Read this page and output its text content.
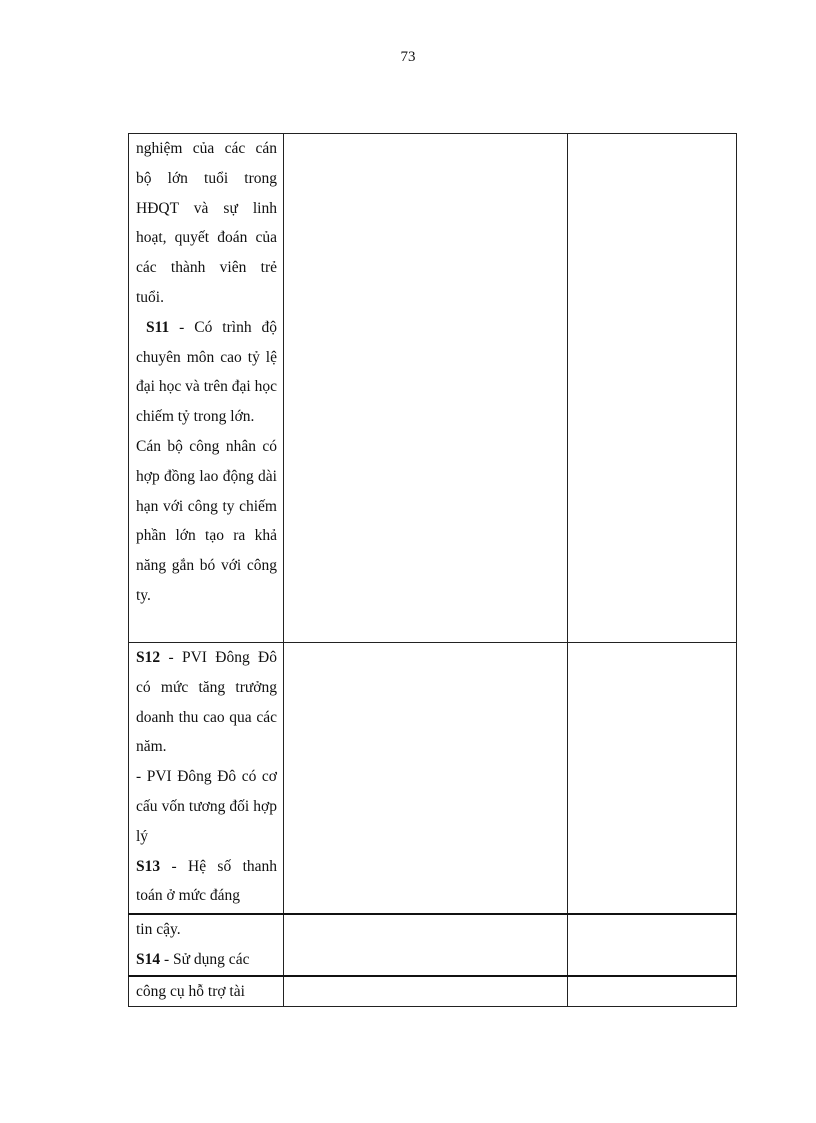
73

nghiệm của các cán bộ lớn tuổi trong HĐQT và sự linh hoạt, quyết đoán của các thành viên trẻ tuổi.

S11 - Có trình độ chuyên môn cao tỷ lệ đại học và trên đại học chiếm tỷ trong lớn.

Cán bộ công nhân có hợp đồng lao động dài hạn với công ty chiếm phần lớn tạo ra khả năng gắn bó với công ty.		

S12 - PVI Đông Đô có mức tăng trưởng doanh thu cao qua các năm.

- PVI Đông Đô có cơ cấu vốn tương đối hợp lý

S13 - Hệ số thanh toán ở mức đáng		

tin cậy.

S14 - Sử dụng các		

công cụ hỗ trợ tài		
